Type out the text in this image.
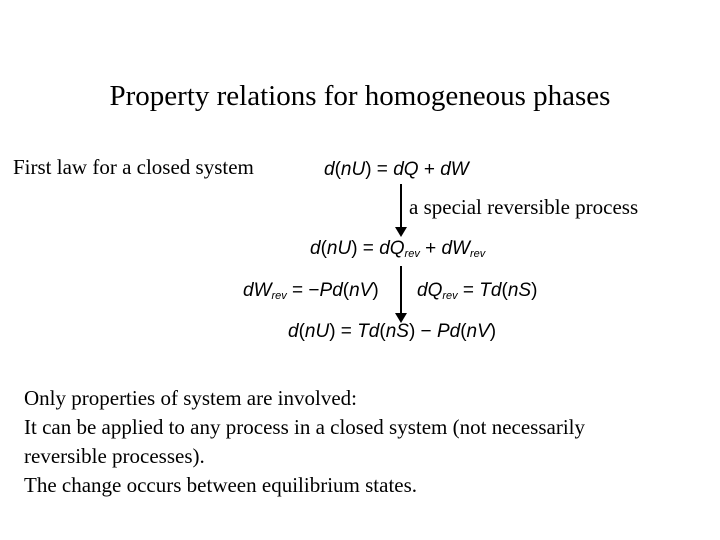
Property relations for homogeneous phases
First law for a closed system	d(nU) = dQ + dW
a special reversible process
$d(nU) = dQ_{rev} + dW_{rev}$
$dW_{rev} = -Pd(nV) dQ_{rev} = Td(nS)$
d(nU) = Td(nS) − Pd(nV)
Only properties of system are involved:
It can be applied to any process in a closed system (not necessarily
reversible processes).
The change occurs between equilibrium states.
